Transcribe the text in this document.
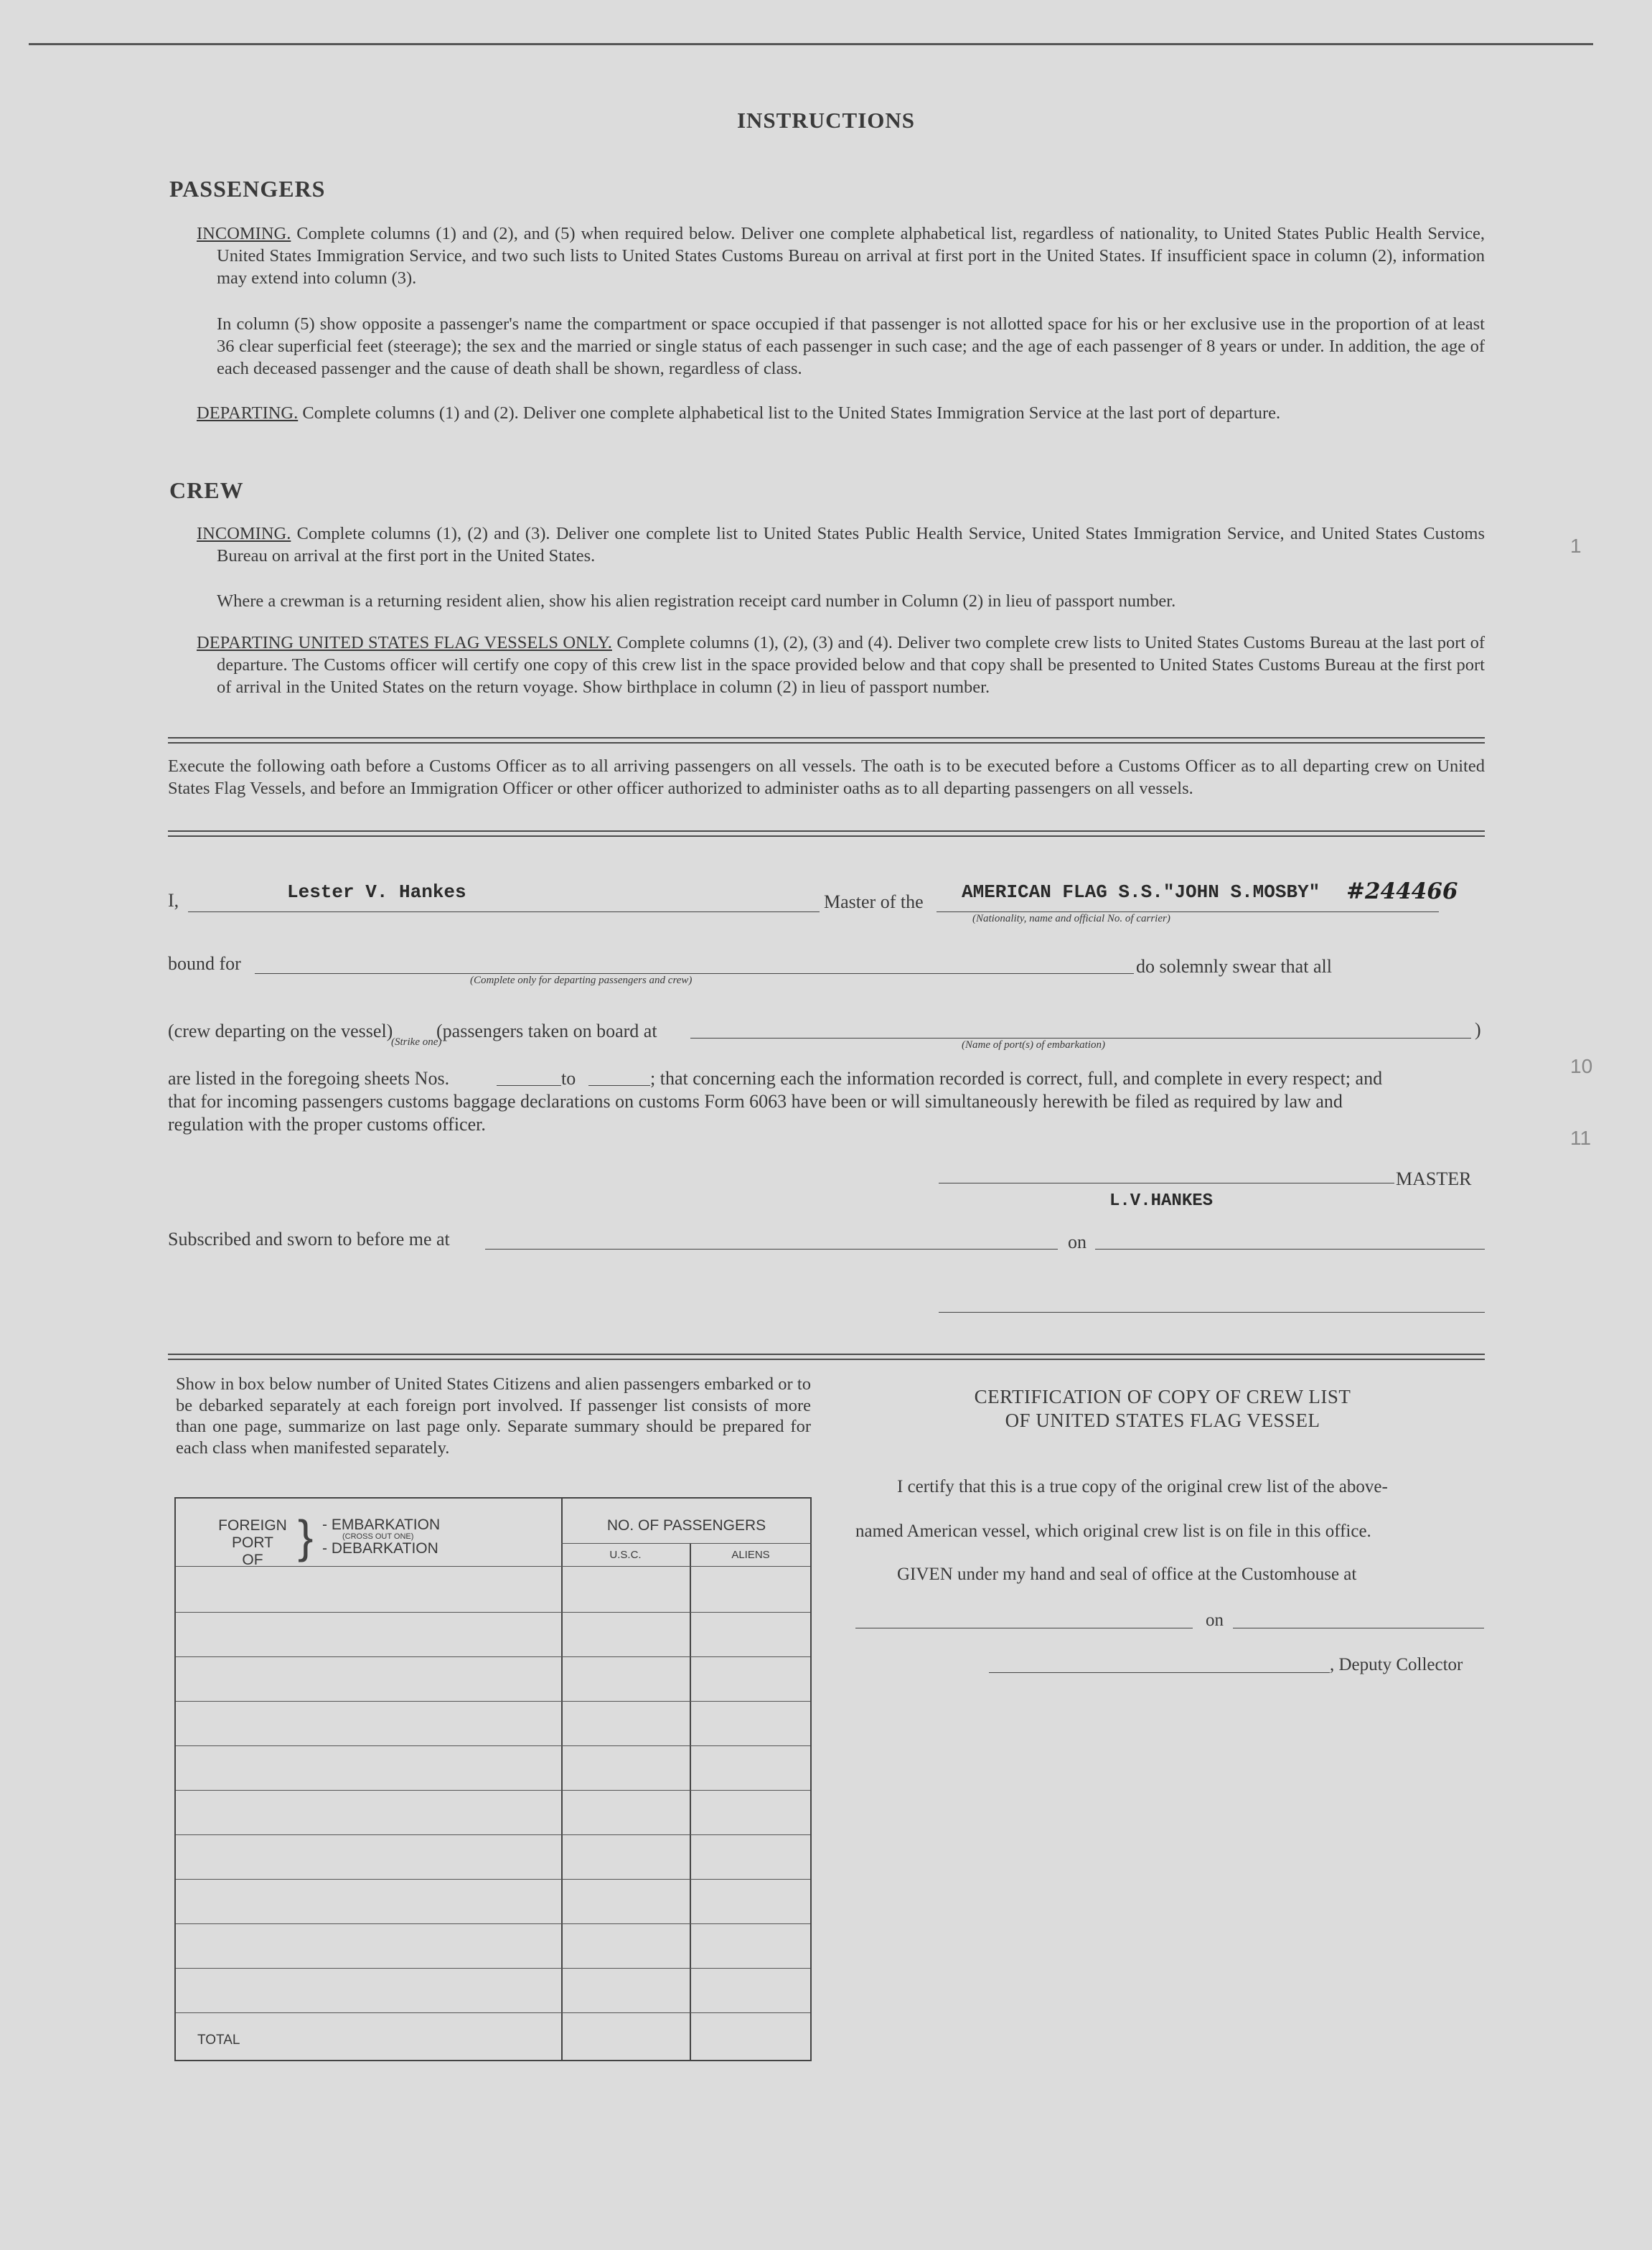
INSTRUCTIONS
PASSENGERS
INCOMING. Complete columns (1) and (2), and (5) when required below. Deliver one complete alphabetical list, regardless of nationality, to United States Public Health Service, United States Immigration Service, and two such lists to United States Customs Bureau on arrival at first port in the United States. If insufficient space in column (2), information may extend into column (3).
In column (5) show opposite a passenger's name the compartment or space occupied if that passenger is not allotted space for his or her exclusive use in the proportion of at least 36 clear superficial feet (steerage); the sex and the married or single status of each passenger in such case; and the age of each passenger of 8 years or under. In addition, the age of each deceased passenger and the cause of death shall be shown, regardless of class.
DEPARTING. Complete columns (1) and (2). Deliver one complete alphabetical list to the United States Immigration Service at the last port of departure.
CREW
INCOMING. Complete columns (1), (2) and (3). Deliver one complete list to United States Public Health Service, United States Immigration Service, and United States Customs Bureau on arrival at the first port in the United States.
Where a crewman is a returning resident alien, show his alien registration receipt card number in Column (2) in lieu of passport number.
DEPARTING UNITED STATES FLAG VESSELS ONLY. Complete columns (1), (2), (3) and (4). Deliver two complete crew lists to United States Customs Bureau at the last port of departure. The Customs officer will certify one copy of this crew list in the space provided below and that copy shall be presented to United States Customs Bureau at the first port of arrival in the United States on the return voyage. Show birthplace in column (2) in lieu of passport number.
Execute the following oath before a Customs Officer as to all arriving passengers on all vessels. The oath is to be executed before a Customs Officer as to all departing crew on United States Flag Vessels, and before an Immigration Officer or other officer authorized to administer oaths as to all departing passengers on all vessels.
I,	Lester V. Hankes	Master of the AMERICAN FLAG S.S."JOHN S.MOSBY" #244466
(Nationality, name and official No. of carrier)
bound for	do solemnly swear that all
(Complete only for departing passengers and crew)
(crew departing on the vessel) (passengers taken on board at	)
(Strike one)	(Name of port(s) of embarkation)
are listed in the foregoing sheets Nos.	to	; that concerning each the information recorded is correct, full, and complete in every respect; and
that for incoming passengers customs baggage declarations on customs Form 6063 have been or will simultaneously herewith be filed as required by law and
regulation with the proper customs officer.
MASTER
L.V.HANKES
Subscribed and sworn to before me at	on
Show in box below number of United States Citizens and alien passengers embarked or to be debarked separately at each foreign port involved. If passenger list consists of more than one page, summarize on last page only. Separate summary should be prepared for each class when manifested separately.
FOREIGN
PORT
OF } - EMBARKATION
(CROSS OUT ONE)
- DEBARKATION
NO. OF PASSENGERS
U.S.C.	ALIENS
TOTAL
CERTIFICATION OF COPY OF CREW LIST
OF UNITED STATES FLAG VESSEL
I certify that this is a true copy of the original crew list of the above-
named American vessel, which original crew list is on file in this office.
GIVEN under my hand and seal of office at the Customhouse at
on
, Deputy Collector
1
10
11
